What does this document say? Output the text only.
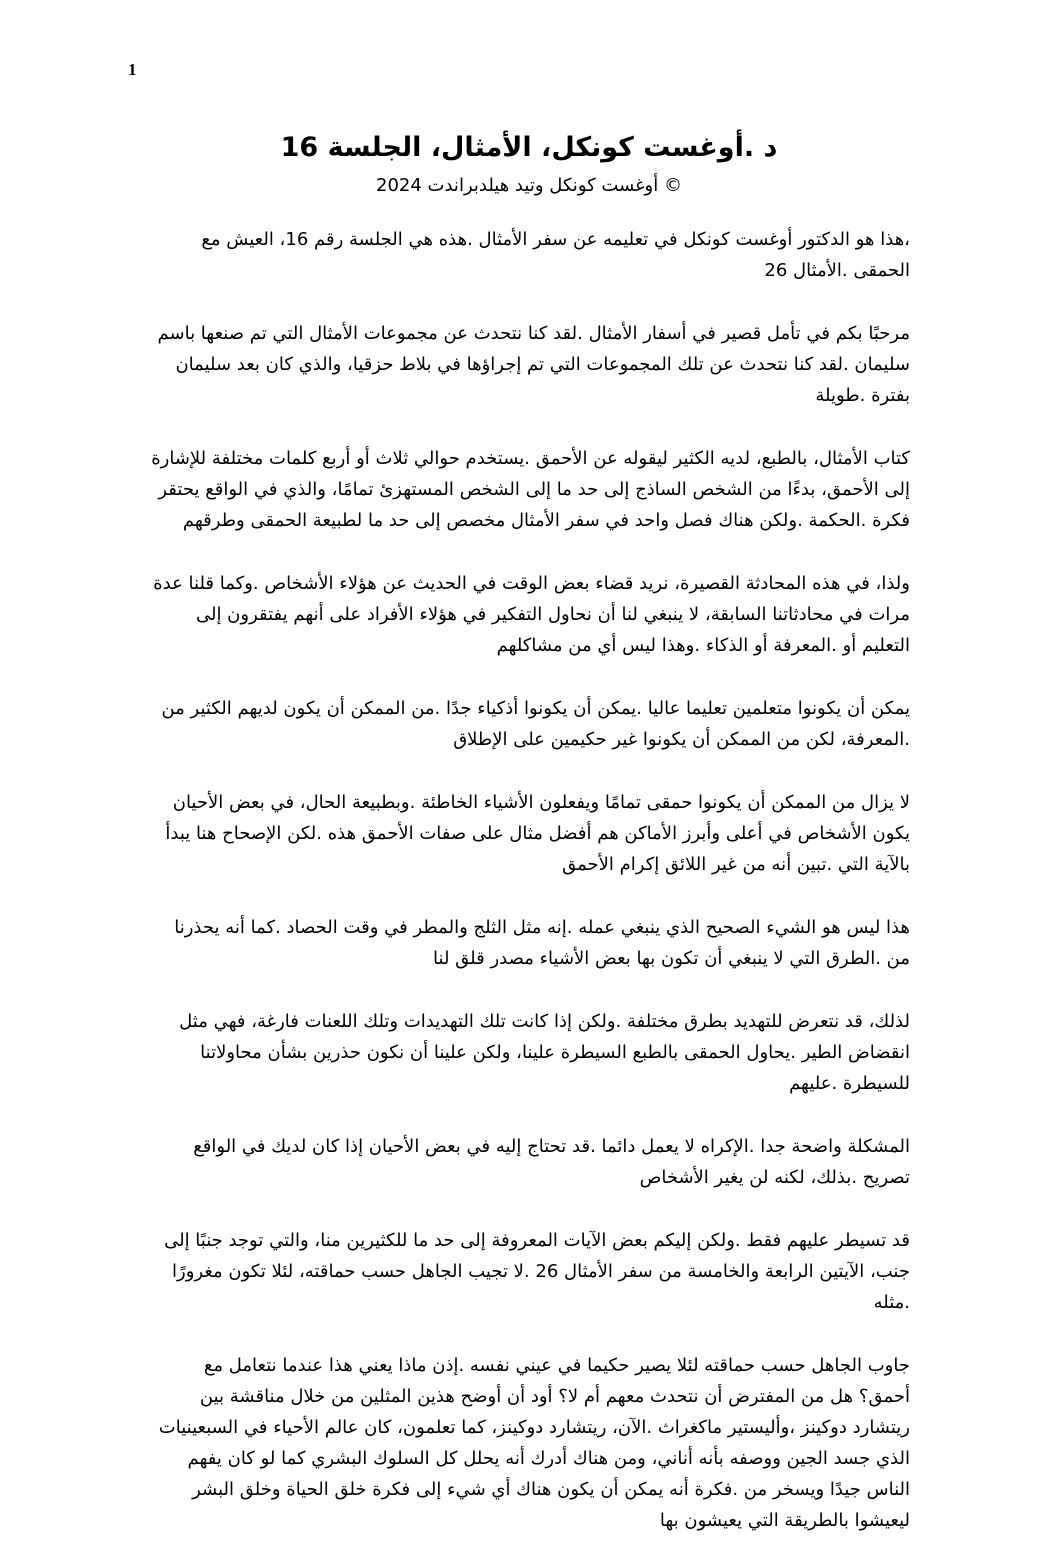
1
د .أوغست كونكل، الأمثال، الجلسة 16

أوغست كونكل وتيد هيلدبراندت 2024 ©

،هذا هو الدكتور أوغست كونكل في تعليمه عن سفر الأمثال .هذه هي الجلسة رقم 16، العيش مع الحمقى .الأمثال 26

مرحبًا بكم في تأمل قصير في أسفار الأمثال .لقد كنا نتحدث عن مجموعات الأمثال التي تم صنعها باسم سليمان .لقد كنا نتحدث عن تلك المجموعات التي تم إجراؤها في بلاط حزقيا، والذي كان بعد سليمان بفترة .طويلة

كتاب الأمثال، بالطبع، لديه الكثير ليقوله عن الأحمق .يستخدم حوالي ثلاث أو أربع كلمات مختلفة للإشارة إلى الأحمق، بدءًا من الشخص الساذج إلى حد ما إلى الشخص المستهزئ تمامًا، والذي في الواقع يحتقر فكرة .الحكمة .ولكن هناك فصل واحد في سفر الأمثال مخصص إلى حد ما لطبيعة الحمقى وطرقهم

ولذا، في هذه المحادثة القصيرة، نريد قضاء بعض الوقت في الحديث عن هؤلاء الأشخاص .وكما قلنا عدة مرات في محادثاتنا السابقة، لا ينبغي لنا أن نحاول التفكير في هؤلاء الأفراد على أنهم يفتقرون إلى التعليم أو .المعرفة أو الذكاء .وهذا ليس أي من مشاكلهم

يمكن أن يكونوا متعلمين تعليما عاليا .يمكن أن يكونوا أذكياء جدًا .من الممكن أن يكون لديهم الكثير من .المعرفة، لكن من الممكن أن يكونوا غير حكيمين على الإطلاق

لا يزال من الممكن أن يكونوا حمقى تمامًا ويفعلون الأشياء الخاطئة .وبطبيعة الحال، في بعض الأحيان يكون الأشخاص في أعلى وأبرز الأماكن هم أفضل مثال على صفات الأحمق هذه .لكن الإصحاح هنا يبدأ بالآية التي .تبين أنه من غير اللائق إكرام الأحمق

هذا ليس هو الشيء الصحيح الذي ينبغي عمله .إنه مثل الثلج والمطر في وقت الحصاد .كما أنه يحذرنا من .الطرق التي لا ينبغي أن تكون بها بعض الأشياء مصدر قلق لنا

لذلك، قد نتعرض للتهديد بطرق مختلفة .ولكن إذا كانت تلك التهديدات وتلك اللعنات فارغة، فهي مثل انقضاض الطير .يحاول الحمقى بالطبع السيطرة علينا، ولكن علينا أن نكون حذرين بشأن محاولاتنا للسيطرة .عليهم

المشكلة واضحة جدا .الإكراه لا يعمل دائما .قد تحتاج إليه في بعض الأحيان إذا كان لديك في الواقع تصريح .بذلك، لكنه لن يغير الأشخاص

قد تسيطر عليهم فقط .ولكن إليكم بعض الآيات المعروفة إلى حد ما للكثيرين منا، والتي توجد جنبًا إلى جنب، الآيتين الرابعة والخامسة من سفر الأمثال 26 .لا تجيب الجاهل حسب حماقته، لئلا تكون مغرورًا .مثله

جاوب الجاهل حسب حماقته لئلا يصير حكيما في عيني نفسه .إذن ماذا يعني هذا عندما نتعامل مع أحمق؟ هل من المفترض أن نتحدث معهم أم لا؟ أود أن أوضح هذين المثلين من خلال مناقشة بين ريتشارد دوكينز ،وأليستير ماكغراث .الآن، ريتشارد دوكينز، كما تعلمون، كان عالم الأحياء في السبعينيات الذي جسد الجين ووصفه بأنه أناني، ومن هناك أدرك أنه يحلل كل السلوك البشري كما لو كان يفهم الناس جيدًا ويسخر من .فكرة أنه يمكن أن يكون هناك أي شيء إلى فكرة خلق الحياة وخلق البشر ليعيشوا بالطريقة التي يعيشون بها
